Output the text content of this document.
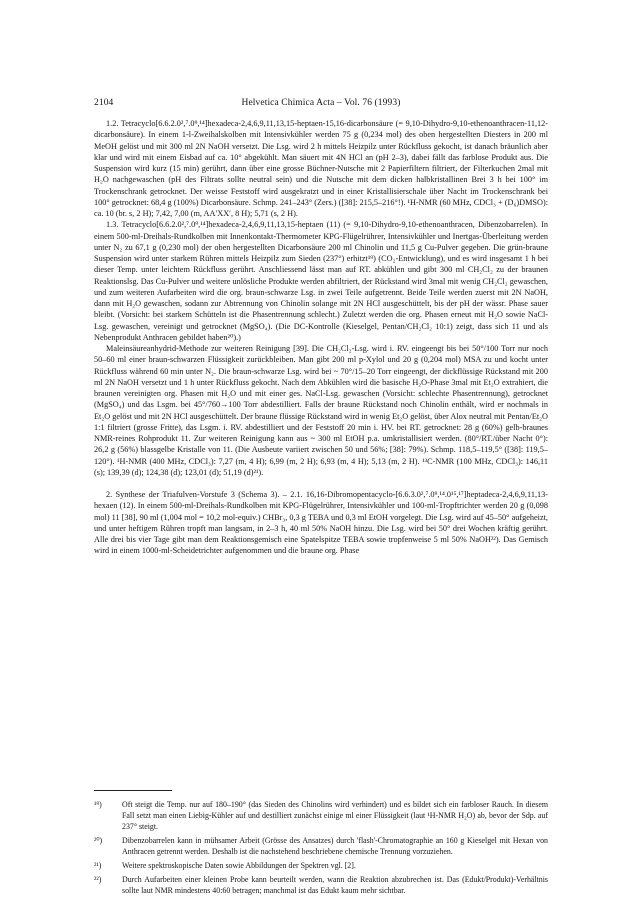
2104	Helvetica Chimica Acta – Vol. 76 (1993)

1.2. Tetracyclo[6.6.2.0²,⁷.0⁹,¹⁴]hexadeca-2,4,6,9,11,13,15-heptaen-15,16-dicarbonsäure (= 9,10-Dihydro-9,10-ethenoanthracen-11,12-dicarbonsäure). In einem 1-l-Zweihalskolben mit Intensivkühler werden 75 g (0,234 mol) des oben hergestellten Diesters in 200 ml MeOH gelöst und mit 300 ml 2N NaOH versetzt. Die Lsg. wird 2 h mittels Heizpilz unter Rückfluss gekocht, ist danach bräunlich aber klar und wird mit einem Eisbad auf ca. 10° abgekühlt. Man säuert mit 4N HCl an (pH 2–3), dabei fällt das farblose Produkt aus. Die Suspension wird kurz (15 min) gerührt, dann über eine grosse Büchner-Nutsche mit 2 Papierfiltern filtriert, der Filterkuchen 2mal mit H₂O nachgewaschen (pH des Filtrats sollte neutral sein) und die Nutsche mit dem dicken halbkristallinen Brei 3 h bei 100° im Trockenschrank getrocknet. Der weisse Feststoff wird ausgekratzt und in einer Kristallisierschale über Nacht im Trockenschrank bei 100° getrocknet: 68,4 g (100%) Dicarbonsäure. Schmp. 241–243° (Zers.) ([38]: 215,5–216°!). ¹H-NMR (60 MHz, CDCl₃ + (D₆)DMSO): ca. 10 (br. s, 2 H); 7,42, 7,00 (m, AA′XX′, 8 H); 5,71 (s, 2 H).

1.3. Tetracyclo[6.6.2.0²,⁷.0⁹,¹⁴]hexadeca-2,4,6,9,11,13,15-heptaen (11) (= 9,10-Dihydro-9,10-ethenoanthracen, Dibenzobarrelen). In einem 500-ml-Dreihals-Rundkolben mit Innenkontakt-Thermometer KPG-Flügelrührer, Intensivkühler und Inertgas-Überleitung werden unter N₂ zu 67,1 g (0,230 mol) der oben hergestellten Dicarbonsäure 200 ml Chinolin und 11,5 g Cu-Pulver gegeben. Die grün-braune Suspension wird unter starkem Rühren mittels Heizpilz zum Sieden (237°) erhitzt¹⁹) (CO₂-Entwicklung), und es wird insgesamt 1 h bei dieser Temp. unter leichtem Rückfluss gerührt. Anschliessend lässt man auf RT. abkühlen und gibt 300 ml CH₂Cl₂ zu der braunen Reaktionslsg. Das Cu-Pulver und weitere unlösliche Produkte werden abfiltriert, der Rückstand wird 3mal mit wenig CH₂Cl₂ gewaschen, und zum weiteren Aufarbeiten wird die org. braun-schwarze Lsg. in zwei Teile aufgetrennt. Beide Teile werden zuerst mit 2N NaOH, dann mit H₂O gewaschen, sodann zur Abtrennung von Chinolin solange mit 2N HCl ausgeschüttelt, bis der pH der wässr. Phase sauer bleibt. (Vorsicht: bei starkem Schütteln ist die Phasentrennung schlecht.) Zuletzt werden die org. Phasen erneut mit H₂O sowie NaCl-Lsg. gewaschen, vereinigt und getrocknet (MgSO₄). (Die DC-Kontrolle (Kieselgel, Pentan/CH₂Cl₂ 10:1) zeigt, dass sich 11 und als Nebenprodukt Anthracen gebildet haben²⁰).)

Maleinsäureanhydrid-Methode zur weiteren Reinigung [39]. Die CH₂Cl₂-Lsg. wird i. RV. eingeengt bis bei 50°/100 Torr nur noch 50–60 ml einer braun-schwarzen Flüssigkeit zurückbleiben. Man gibt 200 ml p-Xylol und 20 g (0,204 mol) MSA zu und kocht unter Rückfluss während 60 min unter N₂. Die braun-schwarze Lsg. wird bei ~ 70°/15–20 Torr eingeengt, der dickflüssige Rückstand mit 200 ml 2N NaOH versetzt und 1 h unter Rückfluss gekocht. Nach dem Abkühlen wird die basische H₂O-Phase 3mal mit Et₂O extrahiert, die braunen vereinigten org. Phasen mit H₂O und mit einer ges. NaCl-Lsg. gewaschen (Vorsicht: schlechte Phasentrennung), getrocknet (MgSO₄) und das Lsgm. bei 45°/760→100 Torr abdestilliert. Falls der braune Rückstand noch Chinolin enthält, wird er nochmals in Et₂O gelöst und mit 2N HCl ausgeschüttelt. Der braune flüssige Rückstand wird in wenig Et₂O gelöst, über Alox neutral mit Pentan/Et₂O 1:1 filtriert (grosse Fritte), das Lsgm. i. RV. abdestilliert und der Feststoff 20 min i. HV. bei RT. getrocknet: 28 g (60%) gelb-braunes NMR-reines Rohprodukt 11. Zur weiteren Reinigung kann aus ~ 300 ml EtOH p.a. umkristallisiert werden. (80°/RT./über Nacht 0°): 26,2 g (56%) blassgelbe Kristalle von 11. (Die Ausbeute variiert zwischen 50 und 56%; [38]: 79%). Schmp. 118,5–119,5° ([38]: 119,5–120°). ¹H-NMR (400 MHz, CDCl₃): 7,27 (m, 4 H); 6,99 (m, 2 H); 6,93 (m, 4 H); 5,13 (m, 2 H). ¹³C-NMR (100 MHz, CDCl₃): 146,11 (s); 139,39 (d); 124,38 (d); 123,01 (d); 51,19 (d)²¹).

2. Synthese der Triafulven-Vorstufe 3 (Schema 3). – 2.1. 16,16-Dibromopentacyclo-[6.6.3.0²,⁷.0⁹,¹⁴.0¹⁵,¹⁷]heptadeca-2,4,6,9,11,13-hexaen (12). In einem 500-ml-Dreihals-Rundkolben mit KPG-Flügelrührer, Intensivkühler und 100-ml-Tropftrichter werden 20 g (0,098 mol) 11 [38], 90 ml (1,004 mol = 10,2 mol-equiv.) CHBr₃, 0,3 g TEBA und 0,3 ml EtOH vorgelegt. Die Lsg. wird auf 45–50° aufgeheizt, und unter heftigem Rühren tropft man langsam, in 2–3 h, 40 ml 50% NaOH hinzu. Die Lsg. wird bei 50° drei Wochen kräftig gerührt. Alle drei bis vier Tage gibt man dem Reaktionsgemisch eine Spatelspitze TEBA sowie tropfenweise 5 ml 50% NaOH²²). Das Gemisch wird in einem 1000-ml-Scheidetrichter aufgenommen und die braune org. Phase

¹⁹)	Oft steigt die Temp. nur auf 180–190° (das Sieden des Chinolins wird verhindert) und es bildet sich ein farbloser Rauch. In diesem Fall setzt man einen Liebig-Kühler auf und destilliert zunächst einige ml einer Flüssigkeit (laut ¹H-NMR H₂O) ab, bevor der Sdp. auf 237° steigt.
²⁰)	Dibenzobarrelen kann in mühsamer Arbeit (Grösse des Ansatzes) durch 'flash'-Chromatographie an 160 g Kieselgel mit Hexan von Anthracen getrennt werden. Deshalb ist die nachstehend beschriebene chemische Trennung vorzuziehen.
²¹)	Weitere spektroskopische Daten sowie Abbildungen der Spektren vgl. [2].
²²)	Durch Aufarbeiten einer kleinen Probe kann beurteilt werden, wann die Reaktion abzubrechen ist. Das (Edukt/Produkt)-Verhältnis sollte laut NMR mindestens 40:60 betragen; manchmal ist das Edukt kaum mehr sichtbar.
